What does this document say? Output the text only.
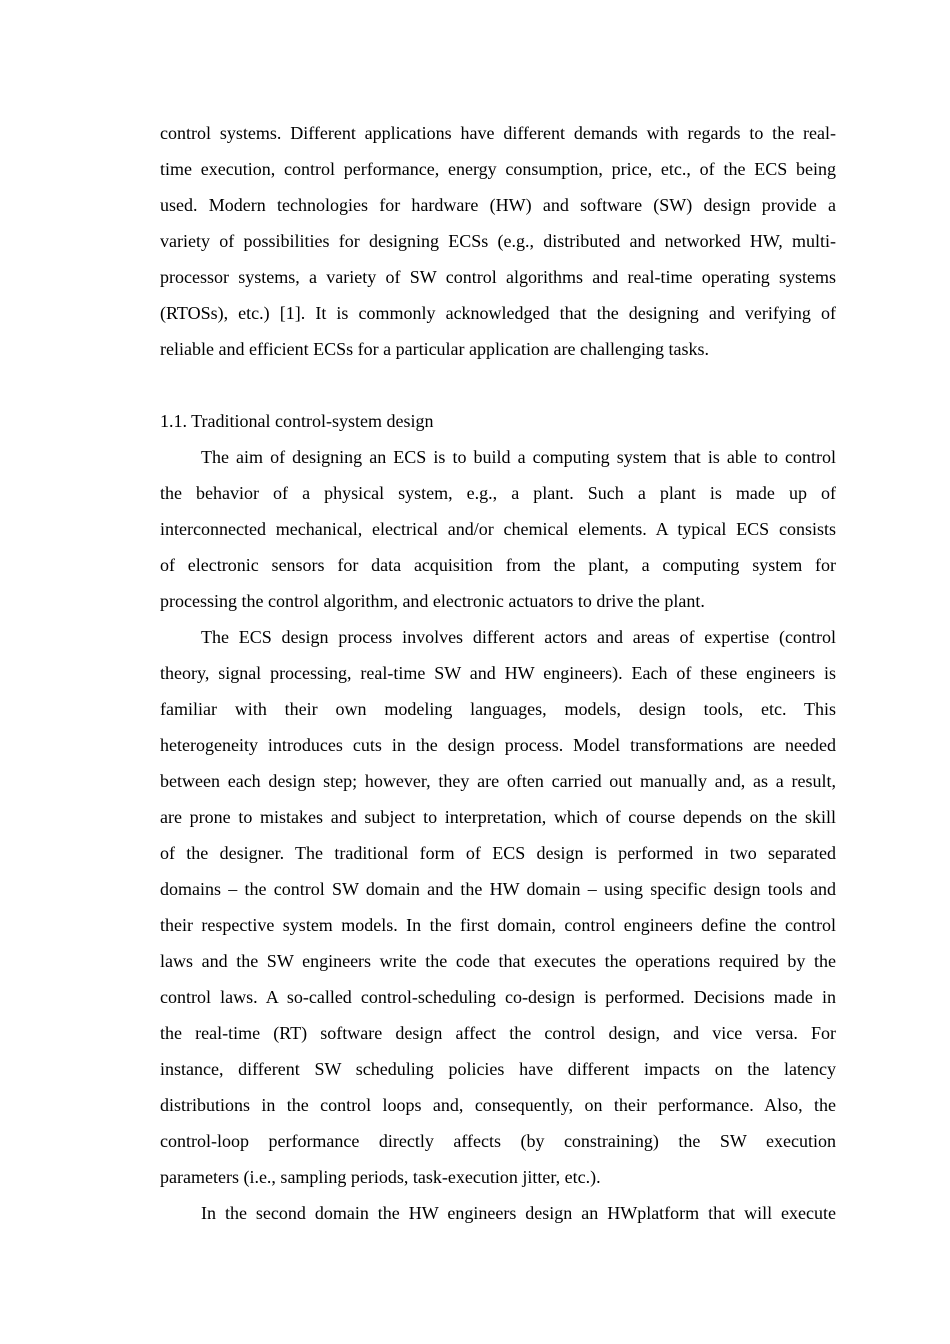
control systems. Different applications have different demands with regards to the real-
time execution, control performance, energy consumption, price, etc., of the ECS being
used. Modern technologies for hardware (HW) and software (SW) design provide a
variety of possibilities for designing ECSs (e.g., distributed and networked HW, multi-
processor systems, a variety of SW control algorithms and real-time operating systems
(RTOSs), etc.) [1]. It is commonly acknowledged that the designing and verifying of
reliable and efficient ECSs for a particular application are challenging tasks.
1.1. Traditional control-system design
The aim of designing an ECS is to build a computing system that is able to control
the behavior of a physical system, e.g., a plant. Such a plant is made up of
interconnected mechanical, electrical and/or chemical elements. A typical ECS consists
of electronic sensors for data acquisition from the plant, a computing system for
processing the control algorithm, and electronic actuators to drive the plant.
The ECS design process involves different actors and areas of expertise (control
theory, signal processing, real-time SW and HW engineers). Each of these engineers is
familiar with their own modeling languages, models, design tools, etc. This
heterogeneity introduces cuts in the design process. Model transformations are needed
between each design step; however, they are often carried out manually and, as a result,
are prone to mistakes and subject to interpretation, which of course depends on the skill
of the designer. The traditional form of ECS design is performed in two separated
domains – the control SW domain and the HW domain – using specific design tools and
their respective system models. In the first domain, control engineers define the control
laws and the SW engineers write the code that executes the operations required by the
control laws. A so-called control-scheduling co-design is performed. Decisions made in
the real-time (RT) software design affect the control design, and vice versa. For
instance, different SW scheduling policies have different impacts on the latency
distributions in the control loops and, consequently, on their performance. Also, the
control-loop performance directly affects (by constraining) the SW execution
parameters (i.e., sampling periods, task-execution jitter, etc.).
In the second domain the HW engineers design an HWplatform that will execute
